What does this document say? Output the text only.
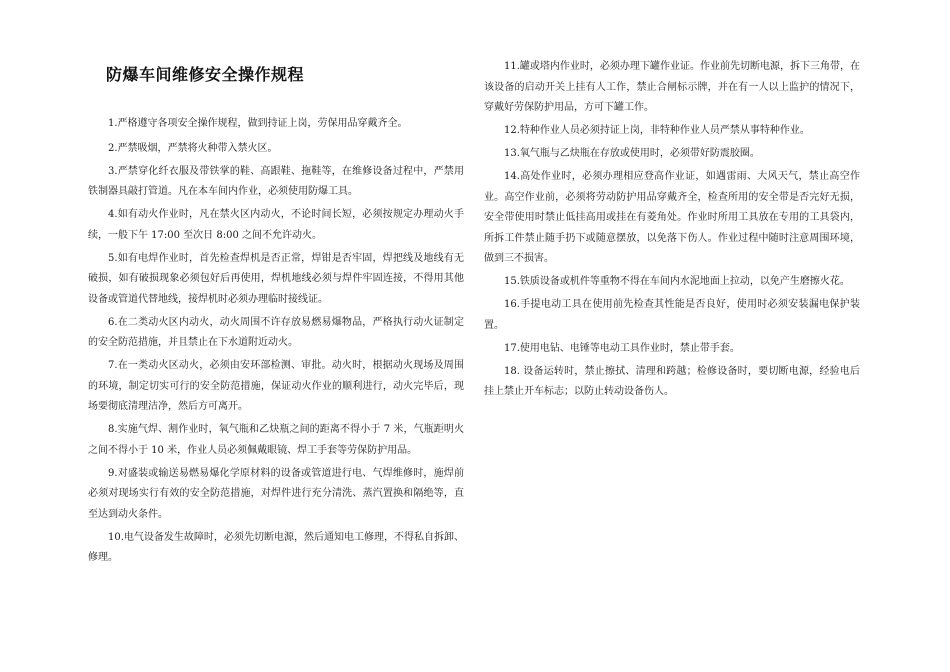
防爆车间维修安全操作规程

1.严格遵守各项安全操作规程，做到持证上岗，劳保用品穿戴齐全。

2.严禁吸烟，严禁将火种带入禁火区。

3.严禁穿化纤衣服及带铁掌的鞋、高跟鞋、拖鞋等，在维修设备过程中，严禁用铁制器具敲打管道。凡在本车间内作业，必须使用防爆工具。

4.如有动火作业时，凡在禁火区内动火，不论时间长短，必须按规定办理动火手续，一般下午 17:00 至次日 8:00 之间不允许动火。

5.如有电焊作业时，首先检查焊机是否正常，焊钳是否牢固，焊把线及地线有无破损，如有破损现象必须包好后再使用，焊机地线必须与焊件牢固连接，不得用其他设备或管道代替地线，接焊机时必须办理临时接线证。

6.在二类动火区内动火，动火周围不许存放易燃易爆物品，严格执行动火证制定的安全防范措施，并且禁止在下水道附近动火。

7.在一类动火区动火，必须由安环部检测、审批。动火时，根据动火现场及周围的环境，制定切实可行的安全防范措施，保证动火作业的顺利进行，动火完毕后，现场要彻底清理洁净，然后方可离开。

8.实施气焊、割作业时，氧气瓶和乙炔瓶之间的距离不得小于 7 米，气瓶距明火之间不得小于 10 米，作业人员必须佩戴眼镜、焊工手套等劳保防护用品。

9.对盛装或输送易燃易爆化学原材料的设备或管道进行电、气焊维修时，施焊前必须对现场实行有效的安全防范措施，对焊件进行充分清洗、蒸汽置换和隔绝等，直至达到动火条件。

10.电气设备发生故障时，必须先切断电源，然后通知电工修理，不得私自拆卸、修理。

11.罐或塔内作业时，必须办理下罐作业证。作业前先切断电源，拆下三角带，在该设备的启动开关上挂有人工作，禁止合闸标示牌，并在有一人以上监护的情况下，穿戴好劳保防护用品，方可下罐工作。

12.特种作业人员必须持证上岗，非特种作业人员严禁从事特种作业。

13.氧气瓶与乙炔瓶在存放或使用时，必须带好防震胶圈。

14.高处作业时，必须办理相应登高作业证，如遇雷雨、大风天气，禁止高空作业。高空作业前，必须将劳动防护用品穿戴齐全，检查所用的安全带是否完好无损，安全带使用时禁止低挂高用或挂在有菱角处。作业时所用工具放在专用的工具袋内，所拆工件禁止随手扔下或随意摆放，以免落下伤人。作业过程中随时注意周围环境，做到三不损害。

15.铁质设备或机件等重物不得在车间内水泥地面上拉动，以免产生磨擦火花。

16.手提电动工具在使用前先检查其性能是否良好，使用时必须安装漏电保护装置。

17.使用电钻、电锤等电动工具作业时，禁止带手套。

18. 设备运转时，禁止擦拭、清理和跨越；检修设备时，要切断电源，经验电后挂上禁止开车标志；以防止转动设备伤人。
